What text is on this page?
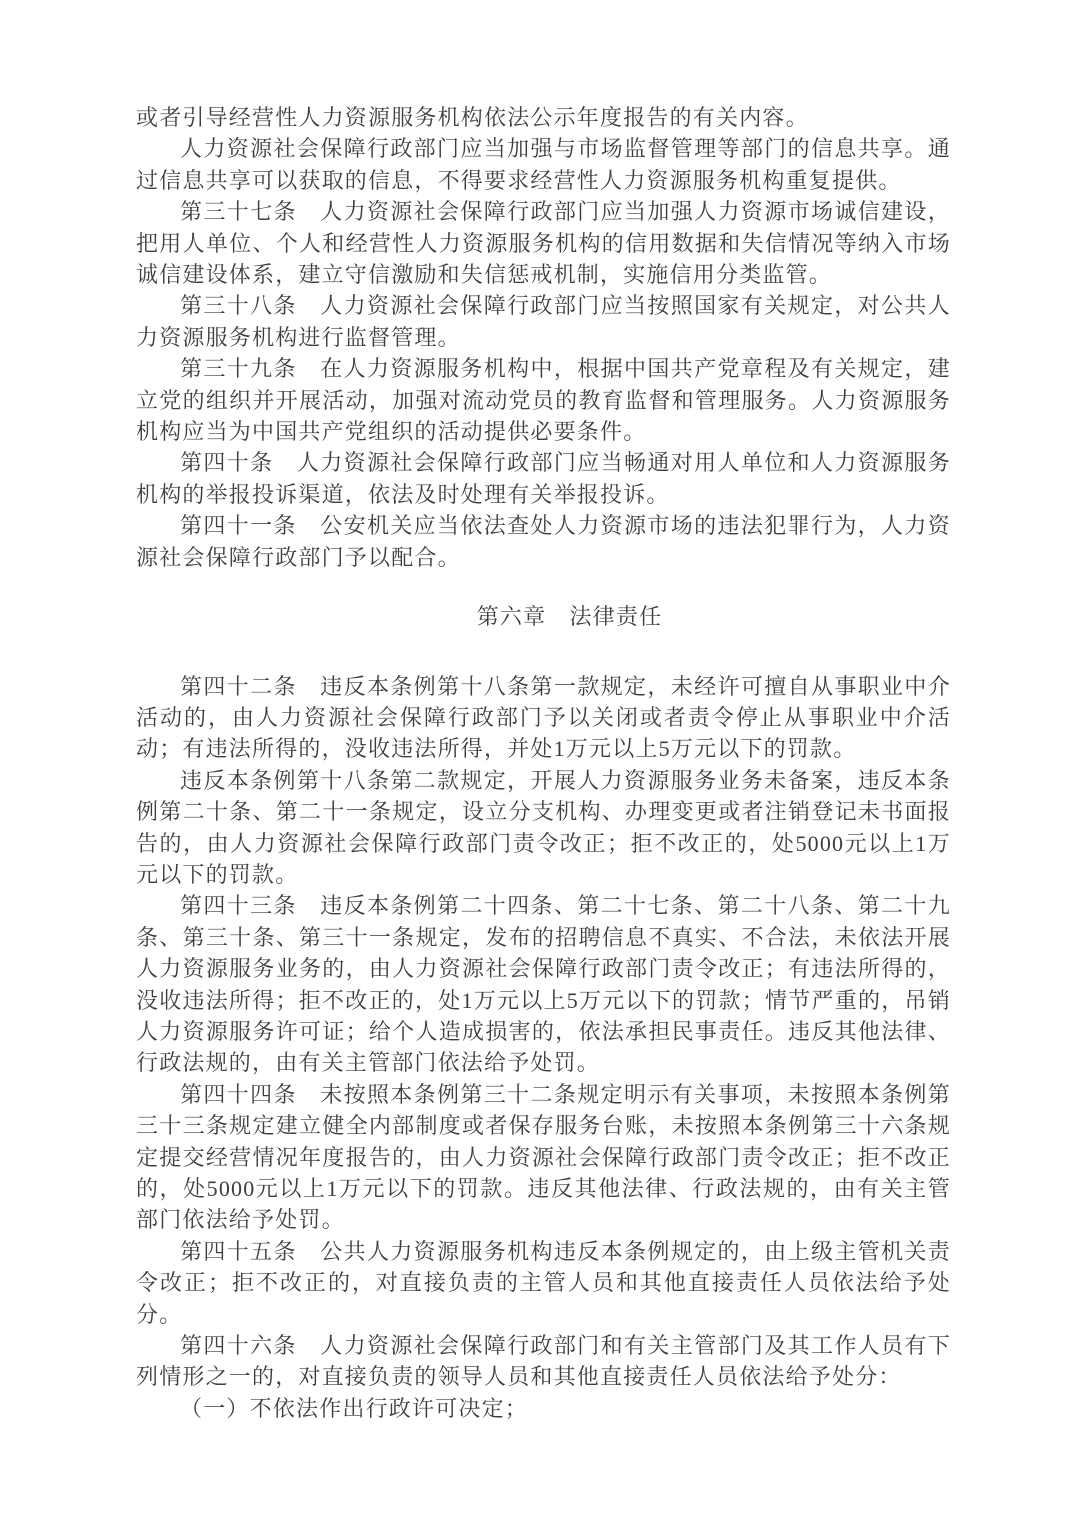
或者引导经营性人力资源服务机构依法公示年度报告的有关内容。

人力资源社会保障行政部门应当加强与市场监督管理等部门的信息共享。通过信息共享可以获取的信息，不得要求经营性人力资源服务机构重复提供。

第三十七条　人力资源社会保障行政部门应当加强人力资源市场诚信建设，把用人单位、个人和经营性人力资源服务机构的信用数据和失信情况等纳入市场诚信建设体系，建立守信激励和失信惩戒机制，实施信用分类监管。

第三十八条　人力资源社会保障行政部门应当按照国家有关规定，对公共人力资源服务机构进行监督管理。

第三十九条　在人力资源服务机构中，根据中国共产党章程及有关规定，建立党的组织并开展活动，加强对流动党员的教育监督和管理服务。人力资源服务机构应当为中国共产党组织的活动提供必要条件。

第四十条　人力资源社会保障行政部门应当畅通对用人单位和人力资源服务机构的举报投诉渠道，依法及时处理有关举报投诉。

第四十一条　公安机关应当依法查处人力资源市场的违法犯罪行为，人力资源社会保障行政部门予以配合。

第六章　法律责任

第四十二条　违反本条例第十八条第一款规定，未经许可擅自从事职业中介活动的，由人力资源社会保障行政部门予以关闭或者责令停止从事职业中介活动；有违法所得的，没收违法所得，并处1万元以上5万元以下的罚款。

违反本条例第十八条第二款规定，开展人力资源服务业务未备案，违反本条例第二十条、第二十一条规定，设立分支机构、办理变更或者注销登记未书面报告的，由人力资源社会保障行政部门责令改正；拒不改正的，处5000元以上1万元以下的罚款。

第四十三条　违反本条例第二十四条、第二十七条、第二十八条、第二十九条、第三十条、第三十一条规定，发布的招聘信息不真实、不合法，未依法开展人力资源服务业务的，由人力资源社会保障行政部门责令改正；有违法所得的，没收违法所得；拒不改正的，处1万元以上5万元以下的罚款；情节严重的，吊销人力资源服务许可证；给个人造成损害的，依法承担民事责任。违反其他法律、行政法规的，由有关主管部门依法给予处罚。

第四十四条　未按照本条例第三十二条规定明示有关事项，未按照本条例第三十三条规定建立健全内部制度或者保存服务台账，未按照本条例第三十六条规定提交经营情况年度报告的，由人力资源社会保障行政部门责令改正；拒不改正的，处5000元以上1万元以下的罚款。违反其他法律、行政法规的，由有关主管部门依法给予处罚。

第四十五条　公共人力资源服务机构违反本条例规定的，由上级主管机关责令改正；拒不改正的，对直接负责的主管人员和其他直接责任人员依法给予处分。

第四十六条　人力资源社会保障行政部门和有关主管部门及其工作人员有下列情形之一的，对直接负责的领导人员和其他直接责任人员依法给予处分：

（一）不依法作出行政许可决定；
